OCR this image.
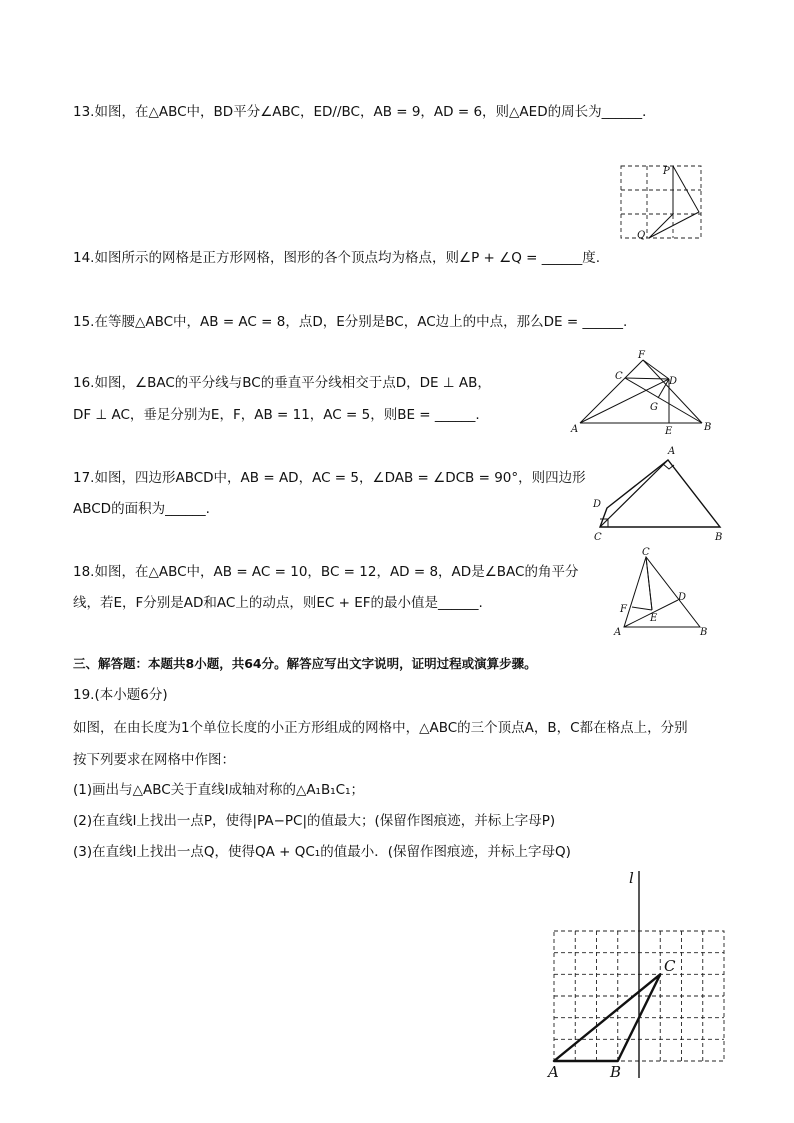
13.如图，在△ABC中，BD平分∠ABC，ED//BC，AB = 9，AD = 6，则△AED的周长为______．
P
Q
14.如图所示的网格是正方形网格，图形的各个顶点均为格点，则∠P + ∠Q = ______度.
15.在等腰△ABC中，AB = AC = 8，点D，E分别是BC，AC边上的中点，那么DE = ______.
16.如图，∠BAC的平分线与BC的垂直平分线相交于点D，DE ⊥ AB，
DF ⊥ AC，垂足分别为E，F，AB = 11，AC = 5，则BE = ______.
F
C	D
G
A	E	B
17.如图，四边形ABCD中，AB = AD，AC = 5，∠DAB = ∠DCB = 90°，则四边形
ABCD的面积为______.
A
D
C	B
18.如图，在△ABC中，AB = AC = 10，BC = 12，AD = 8，AD是∠BAC的角平分
线，若E，F分别是AD和AC上的动点，则EC + EF的最小值是______.
C
D
F
E
A	B
三、解答题：本题共8小题，共64分。解答应写出文字说明，证明过程或演算步骤。
19.(本小题6分)
如图，在由长度为1个单位长度的小正方形组成的网格中，△ABC的三个顶点A，B，C都在格点上，分别
按下列要求在网格中作图：
(1)画出与△ABC关于直线l成轴对称的△A₁B₁C₁；
(2)在直线l上找出一点P，使得|PA−PC|的值最大；(保留作图痕迹，并标上字母P)
(3)在直线l上找出一点Q，使得QA + QC₁的值最小．(保留作图痕迹，并标上字母Q)
l
C
A	B
